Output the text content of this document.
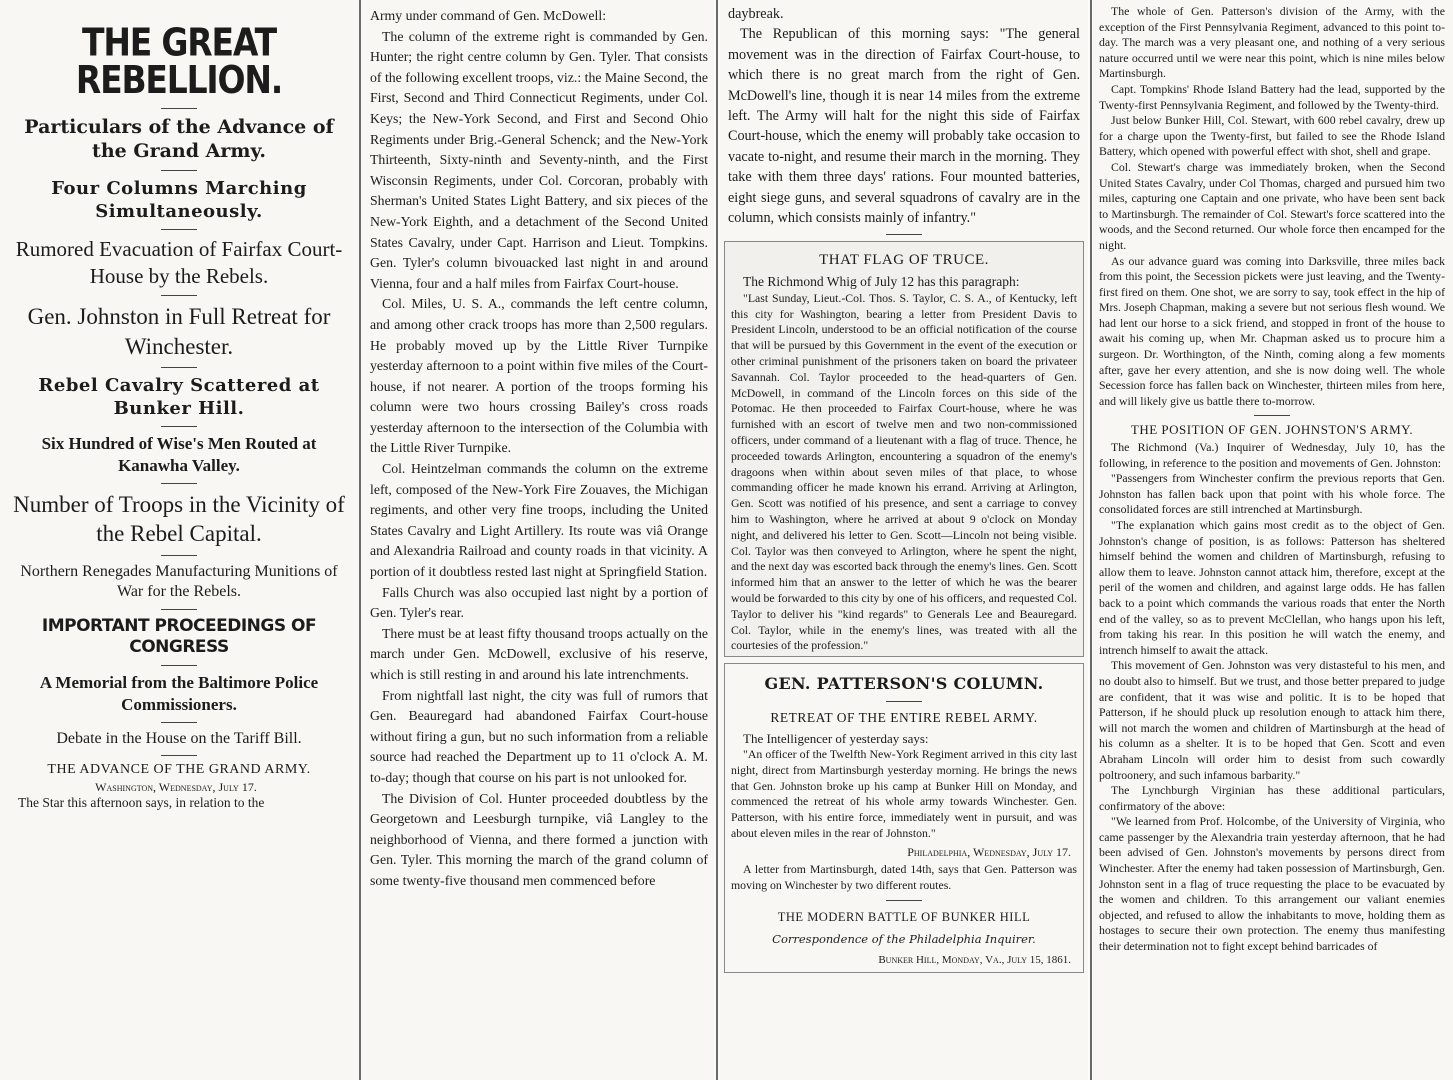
THE GREAT REBELLION.

Particulars of the Advance of the Grand Army.

Four Columns Marching Simultaneously.

Rumored Evacuation of Fairfax Court-House by the Rebels.

Gen. Johnston in Full Retreat for Winchester.

Rebel Cavalry Scattered at Bunker Hill.

Six Hundred of Wise's Men Routed at Kanawha Valley.

Number of Troops in the Vicinity of the Rebel Capital.

Northern Renegades Manufacturing Munitions of War for the Rebels.

IMPORTANT PROCEEDINGS OF CONGRESS

A Memorial from the Baltimore Police Commissioners.

Debate in the House on the Tariff Bill.

THE ADVANCE OF THE GRAND ARMY.

Washington, Wednesday, July 17.

The Star this afternoon says, in relation to the

Army under command of Gen. McDowell:

The column of the extreme right is commanded by Gen. Hunter; the right centre column by Gen. Tyler. That consists of the following excellent troops, viz.: the Maine Second, the First, Second and Third Connecticut Regiments, under Col. Keys; the New-York Second, and First and Second Ohio Regiments under Brig.-General Schenck; and the New-York Thirteenth, Sixty-ninth and Seventy-ninth, and the First Wisconsin Regiments, under Col. Corcoran, probably with Sherman's United States Light Battery, and six pieces of the New-York Eighth, and a detachment of the Second United States Cavalry, under Capt. Harrison and Lieut. Tompkins. Gen. Tyler's column bivouacked last night in and around Vienna, four and a half miles from Fairfax Court-house.

Col. Miles, U. S. A., commands the left centre column, and among other crack troops has more than 2,500 regulars. He probably moved up by the Little River Turnpike yesterday afternoon to a point within five miles of the Court-house, if not nearer. A portion of the troops forming his column were two hours crossing Bailey's cross roads yesterday afternoon to the intersection of the Columbia with the Little River Turnpike.

Col. Heintzelman commands the column on the extreme left, composed of the New-York Fire Zouaves, the Michigan regiments, and other very fine troops, including the United States Cavalry and Light Artillery. Its route was viâ Orange and Alexandria Railroad and county roads in that vicinity. A portion of it doubtless rested last night at Springfield Station.

Falls Church was also occupied last night by a portion of Gen. Tyler's rear.

There must be at least fifty thousand troops actually on the march under Gen. McDowell, exclusive of his reserve, which is still resting in and around his late intrenchments.

From nightfall last night, the city was full of rumors that Gen. Beauregard had abandoned Fairfax Court-house without firing a gun, but no such information from a reliable source had reached the Department up to 11 o'clock A. M. to-day; though that course on his part is not unlooked for.

The Division of Col. Hunter proceeded doubtless by the Georgetown and Leesburgh turnpike, viâ Langley to the neighborhood of Vienna, and there formed a junction with Gen. Tyler. This morning the march of the grand column of some twenty-five thousand men commenced before

daybreak.

The Republican of this morning says: "The general movement was in the direction of Fairfax Court-house, to which there is no great march from the right of Gen. McDowell's line, though it is near 14 miles from the extreme left. The Army will halt for the night this side of Fairfax Court-house, which the enemy will probably take occasion to vacate to-night, and resume their march in the morning. They take with them three days' rations. Four mounted batteries, eight siege guns, and several squadrons of cavalry are in the column, which consists mainly of infantry."

THAT FLAG OF TRUCE.

The Richmond Whig of July 12 has this paragraph:

"Last Sunday, Lieut.-Col. Thos. S. Taylor, C. S. A., of Kentucky, left this city for Washington, bearing a letter from President Davis to President Lincoln, understood to be an official notification of the course that will be pursued by this Government in the event of the execution or other criminal punishment of the prisoners taken on board the privateer Savannah. Col. Taylor proceeded to the head-quarters of Gen. McDowell, in command of the Lincoln forces on this side of the Potomac. He then proceeded to Fairfax Court-house, where he was furnished with an escort of twelve men and two non-commissioned officers, under command of a lieutenant with a flag of truce. Thence, he proceeded towards Arlington, encountering a squadron of the enemy's dragoons when within about seven miles of that place, to whose commanding officer he made known his errand. Arriving at Arlington, Gen. Scott was notified of his presence, and sent a carriage to convey him to Washington, where he arrived at about 9 o'clock on Monday night, and delivered his letter to Gen. Scott—Lincoln not being visible. Col. Taylor was then conveyed to Arlington, where he spent the night, and the next day was escorted back through the enemy's lines. Gen. Scott informed him that an answer to the letter of which he was the bearer would be forwarded to this city by one of his officers, and requested Col. Taylor to deliver his "kind regards" to Generals Lee and Beauregard. Col. Taylor, while in the enemy's lines, was treated with all the courtesies of the profession."

GEN. PATTERSON'S COLUMN.

RETREAT OF THE ENTIRE REBEL ARMY.

The Intelligencer of yesterday says:

"An officer of the Twelfth New-York Regiment arrived in this city last night, direct from Martinsburgh yesterday morning. He brings the news that Gen. Johnston broke up his camp at Bunker Hill on Monday, and commenced the retreat of his whole army towards Winchester. Gen. Patterson, with his entire force, immediately went in pursuit, and was about eleven miles in the rear of Johnston."

Philadelphia, Wednesday, July 17.

A letter from Martinsburgh, dated 14th, says that Gen. Patterson was moving on Winchester by two different routes.

THE MODERN BATTLE OF BUNKER HILL

Correspondence of the Philadelphia Inquirer.

Bunker Hill, Monday, Va., July 15, 1861.

The whole of Gen. Patterson's division of the Army, with the exception of the First Pennsylvania Regiment, advanced to this point to-day. The march was a very pleasant one, and nothing of a very serious nature occurred until we were near this point, which is nine miles below Martinsburgh.

Capt. Tompkins' Rhode Island Battery had the lead, supported by the Twenty-first Pennsylvania Regiment, and followed by the Twenty-third.

Just below Bunker Hill, Col. Stewart, with 600 rebel cavalry, drew up for a charge upon the Twenty-first, but failed to see the Rhode Island Battery, which opened with powerful effect with shot, shell and grape.

Col. Stewart's charge was immediately broken, when the Second United States Cavalry, under Col Thomas, charged and pursued him two miles, capturing one Captain and one private, who have been sent back to Martinsburgh. The remainder of Col. Stewart's force scattered into the woods, and the Second returned. Our whole force then encamped for the night.

As our advance guard was coming into Darksville, three miles back from this point, the Secession pickets were just leaving, and the Twenty-first fired on them. One shot, we are sorry to say, took effect in the hip of Mrs. Joseph Chapman, making a severe but not serious flesh wound. We had lent our horse to a sick friend, and stopped in front of the house to await his coming up, when Mr. Chapman asked us to procure him a surgeon. Dr. Worthington, of the Ninth, coming along a few moments after, gave her every attention, and she is now doing well. The whole Secession force has fallen back on Winchester, thirteen miles from here, and will likely give us battle there to-morrow.

THE POSITION OF GEN. JOHNSTON'S ARMY.

The Richmond (Va.) Inquirer of Wednesday, July 10, has the following, in reference to the position and movements of Gen. Johnston:

"Passengers from Winchester confirm the previous reports that Gen. Johnston has fallen back upon that point with his whole force. The consolidated forces are still intrenched at Martinsburgh.

"The explanation which gains most credit as to the object of Gen. Johnston's change of position, is as follows: Patterson has sheltered himself behind the women and children of Martinsburgh, refusing to allow them to leave. Johnston cannot attack him, therefore, except at the peril of the women and children, and against large odds. He has fallen back to a point which commands the various roads that enter the North end of the valley, so as to prevent McClellan, who hangs upon his left, from taking his rear. In this position he will watch the enemy, and intrench himself to await the attack.

This movement of Gen. Johnston was very distasteful to his men, and no doubt also to himself. But we trust, and those better prepared to judge are confident, that it was wise and politic. It is to be hoped that Patterson, if he should pluck up resolution enough to attack him there, will not march the women and children of Martinsburgh at the head of his column as a shelter. It is to be hoped that Gen. Scott and even Abraham Lincoln will order him to desist from such cowardly poltroonery, and such infamous barbarity."

The Lynchburgh Virginian has these additional particulars, confirmatory of the above:

"We learned from Prof. Holcombe, of the University of Virginia, who came passenger by the Alexandria train yesterday afternoon, that he had been advised of Gen. Johnston's movements by persons direct from Winchester. After the enemy had taken possession of Martinsburgh, Gen. Johnston sent in a flag of truce requesting the place to be evacuated by the women and children. To this arrangement our valiant enemies objected, and refused to allow the inhabitants to move, holding them as hostages to secure their own protection. The enemy thus manifesting their determination not to fight except behind barricades of
